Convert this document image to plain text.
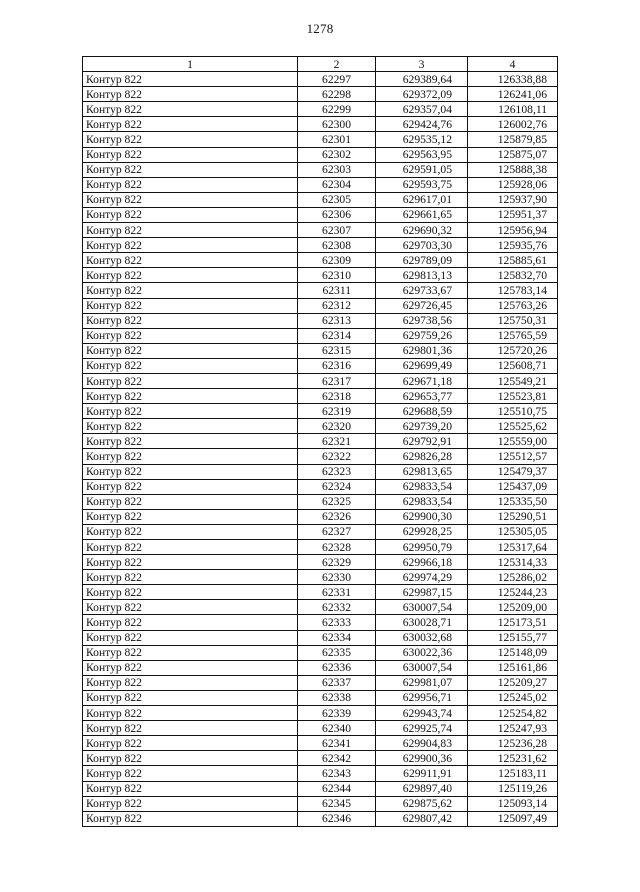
1278
1	2	3	4
Контур 822	62297	629389,64	126338,88
Контур 822	62298	629372,09	126241,06
Контур 822	62299	629357,04	126108,11
Контур 822	62300	629424,76	126002,76
Контур 822	62301	629535,12	125879,85
Контур 822	62302	629563,95	125875,07
Контур 822	62303	629591,05	125888,38
Контур 822	62304	629593,75	125928,06
Контур 822	62305	629617,01	125937,90
Контур 822	62306	629661,65	125951,37
Контур 822	62307	629690,32	125956,94
Контур 822	62308	629703,30	125935,76
Контур 822	62309	629789,09	125885,61
Контур 822	62310	629813,13	125832,70
Контур 822	62311	629733,67	125783,14
Контур 822	62312	629726,45	125763,26
Контур 822	62313	629738,56	125750,31
Контур 822	62314	629759,26	125765,59
Контур 822	62315	629801,36	125720,26
Контур 822	62316	629699,49	125608,71
Контур 822	62317	629671,18	125549,21
Контур 822	62318	629653,77	125523,81
Контур 822	62319	629688,59	125510,75
Контур 822	62320	629739,20	125525,62
Контур 822	62321	629792,91	125559,00
Контур 822	62322	629826,28	125512,57
Контур 822	62323	629813,65	125479,37
Контур 822	62324	629833,54	125437,09
Контур 822	62325	629833,54	125335,50
Контур 822	62326	629900,30	125290,51
Контур 822	62327	629928,25	125305,05
Контур 822	62328	629950,79	125317,64
Контур 822	62329	629966,18	125314,33
Контур 822	62330	629974,29	125286,02
Контур 822	62331	629987,15	125244,23
Контур 822	62332	630007,54	125209,00
Контур 822	62333	630028,71	125173,51
Контур 822	62334	630032,68	125155,77
Контур 822	62335	630022,36	125148,09
Контур 822	62336	630007,54	125161,86
Контур 822	62337	629981,07	125209,27
Контур 822	62338	629956,71	125245,02
Контур 822	62339	629943,74	125254,82
Контур 822	62340	629925,74	125247,93
Контур 822	62341	629904,83	125236,28
Контур 822	62342	629900,36	125231,62
Контур 822	62343	629911,91	125183,11
Контур 822	62344	629897,40	125119,26
Контур 822	62345	629875,62	125093,14
Контур 822	62346	629807,42	125097,49
